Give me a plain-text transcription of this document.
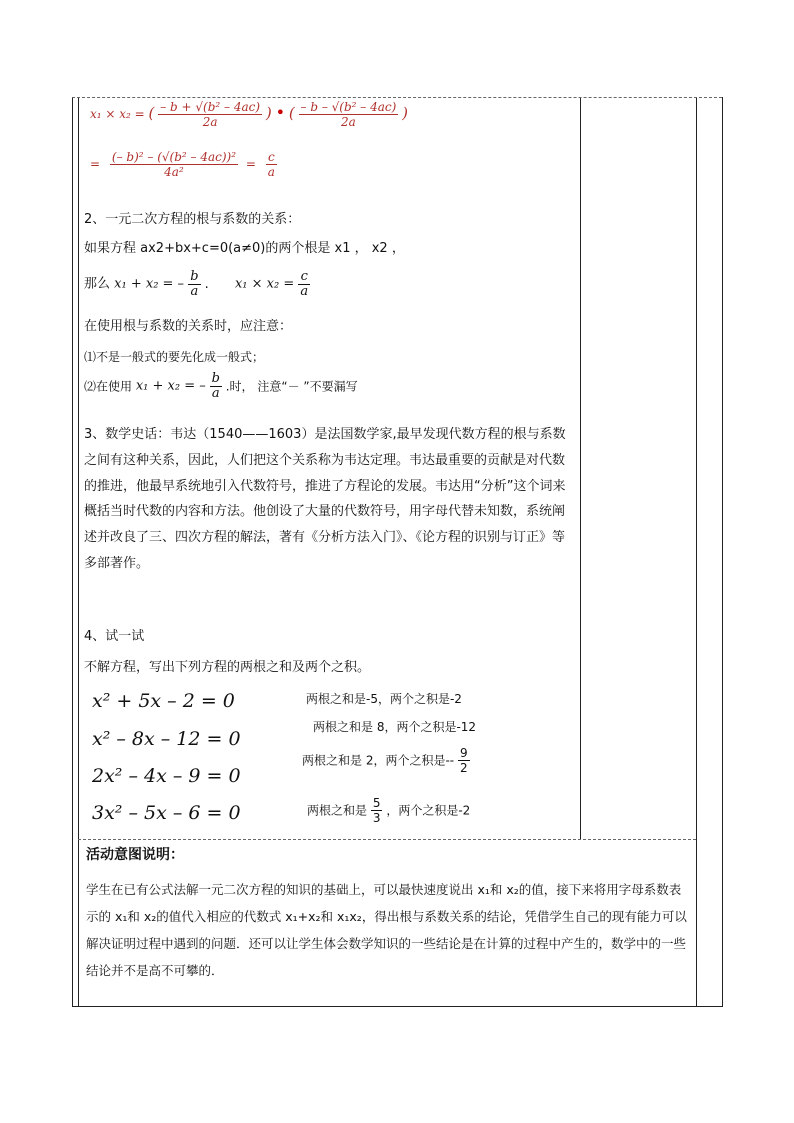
x₁ × x₂ = ( $\frac{\text{– b + √(b² – 4ac)}}{2a}$ ) • ( $\frac{\text{– b – √(b² – 4ac)}}{2a}$ )
= $\frac{\text{(– b)² – (√(b² – 4ac))²}}{\text{4a²}} = \frac{c}{a}$
2、一元二次方程的根与系数的关系：
如果方程 ax2+bx+c=0(a≠0)的两个根是 x1 ， x2 ，
那么 x₁ + x₂ = – $\frac{b}{a}$ . $x_1 \times x_2 = \frac{c}{a}$
在使用根与系数的关系时，应注意：
⑴不是一般式的要先化成一般式；
⑵在使用 x₁ + x₂ = – $\frac{b}{a}$ .时， 注意“－ ”不要漏写
3、数学史话：韦达（1540——1603）是法国数学家,最早发现代数方程的根与系数之间有这种关系，因此，人们把这个关系称为韦达定理。韦达最重要的贡献是对代数的推进，他最早系统地引入代数符号，推进了方程论的发展。韦达用“分析”这个词来概括当时代数的内容和方法。他创设了大量的代数符号，用字母代替未知数，系统阐述并改良了三、四次方程的解法，著有《分析方法入门》、《论方程的识别与订正》等多部著作。
4、试一试
不解方程，写出下列方程的两根之和及两个之积。
x² + 5x – 2 = 0	两根之和是-5，两个之积是-2
x² – 8x – 12 = 0
两根之和是 8，两个之积是-12
2x² – 4x – 9 = 0
两根之和是 2，两个之积是-- $\frac{9}{2}$
3x² – 5x – 6 = 0	两根之和是 $\frac{5}{3}$ ，两个之积是-2
活动意图说明：
学生在已有公式法解一元二次方程的知识的基础上，可以最快速度说出 x₁和 x₂的值，接下来将用字母系数表示的 x₁和 x₂的值代入相应的代数式 x₁+x₂和 x₁x₂，得出根与系数关系的结论，凭借学生自己的现有能力可以解决证明过程中遇到的问题．还可以让学生体会数学知识的一些结论是在计算的过程中产生的，数学中的一些结论并不是高不可攀的．
